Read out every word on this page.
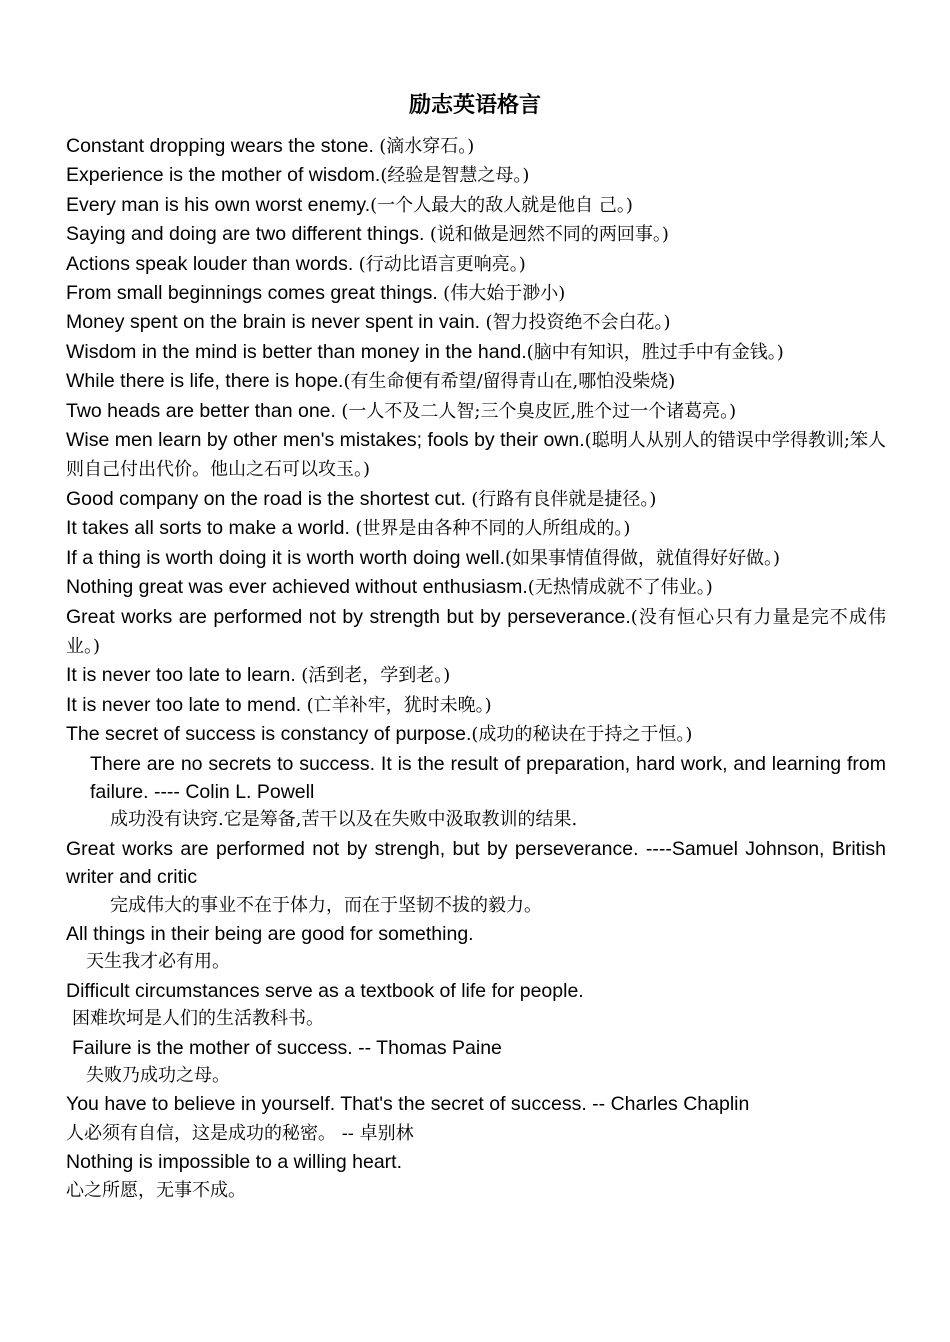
励志英语格言
Constant dropping wears the stone. (滴水穿石。)
Experience is the mother of wisdom.(经验是智慧之母。)
Every man is his own worst enemy.(一个人最大的敌人就是他自 己。)
Saying and doing are two different things. (说和做是迥然不同的两回事。)
Actions speak louder than words. (行动比语言更响亮。)
From small beginnings comes great things. (伟大始于渺小)
Money spent on the brain is never spent in vain. (智力投资绝不会白花。)
Wisdom in the mind is better than money in the hand.(脑中有知识，胜过手中有金钱。)
While there is life, there is hope.(有生命便有希望/留得青山在,哪怕没柴烧)
Two heads are better than one. (一人不及二人智;三个臭皮匠,胜个过一个诸葛亮。)
Wise men learn by other men's mistakes; fools by their own.(聪明人从别人的错误中学得教训;笨人则自己付出代价。他山之石可以攻玉。)
Good company on the road is the shortest cut. (行路有良伴就是捷径。)
It takes all sorts to make a world. (世界是由各种不同的人所组成的。)
If a thing is worth doing it is worth worth doing well.(如果事情值得做，就值得好好做。)
Nothing great was ever achieved without enthusiasm.(无热情成就不了伟业。)
Great works are performed not by strength but by perseverance.(没有恒心只有力量是完不成伟业。)
It is never too late to learn. (活到老，学到老。)
It is never too late to mend. (亡羊补牢，犹时未晚。)
The secret of success is constancy of purpose.(成功的秘诀在于持之于恒。)
There are no secrets to success. It is the result of preparation, hard work, and learning from failure. ---- Colin L. Powell
成功没有诀窍.它是筹备,苦干以及在失败中汲取教训的结果.
Great works are performed not by strengh, but by perseverance. ----Samuel Johnson, British writer and critic
完成伟大的事业不在于体力，而在于坚韧不拔的毅力。
All things in their being are good for something.
天生我才必有用。
Difficult circumstances serve as a textbook of life for people.
困难坎坷是人们的生活教科书。
Failure is the mother of success. -- Thomas Paine
失败乃成功之母。
You have to believe in yourself. That's the secret of success. -- Charles Chaplin
人必须有自信，这是成功的秘密。 -- 卓别林
Nothing is impossible to a willing heart.
心之所愿，无事不成。
